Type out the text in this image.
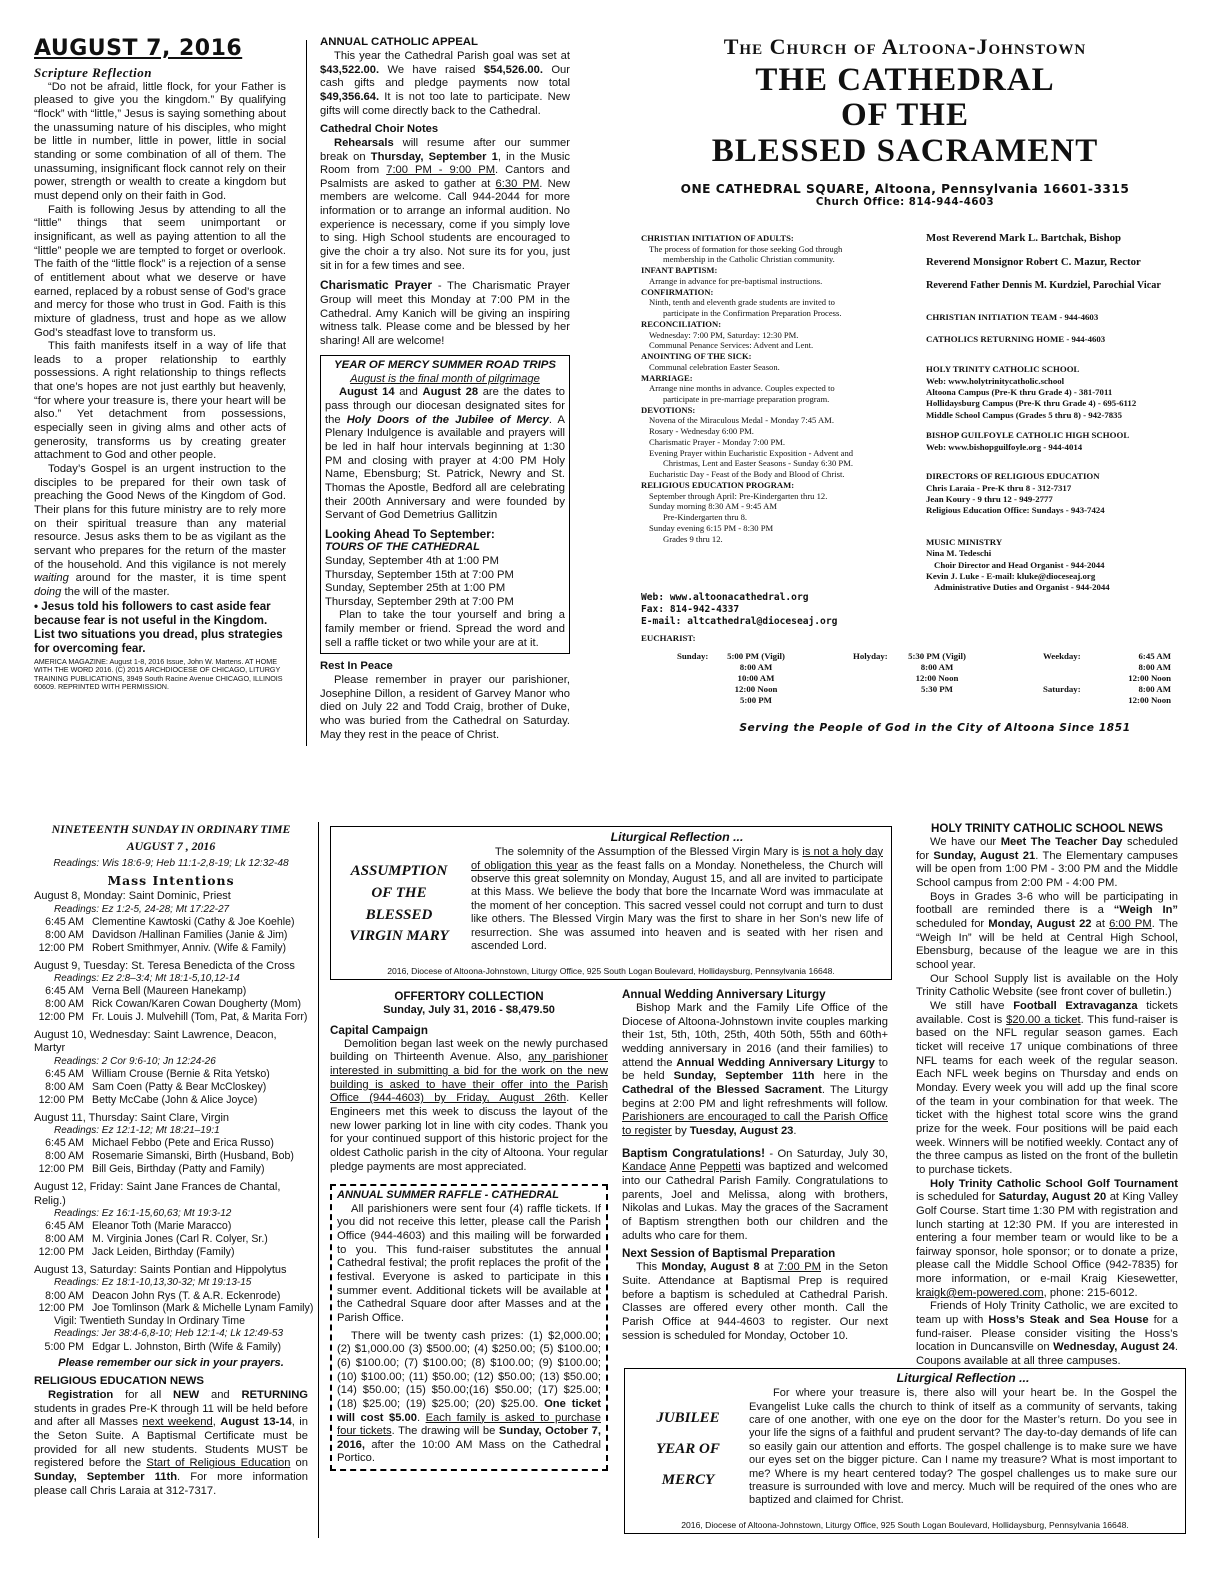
AUGUST 7, 2016
Scripture Reflection

“Do not be afraid, little flock, for your Father is pleased to give you the kingdom.” By qualifying “flock” with “little,” Jesus is saying something about the unassuming nature of his disciples, who might be little in number, little in power, little in social standing or some combination of all of them. The unassuming, insignificant flock cannot rely on their power, strength or wealth to create a kingdom but must depend only on their faith in God.

Faith is following Jesus by attending to all the “little” things that seem unimportant or insignificant, as well as paying attention to all the “little” people we are tempted to forget or overlook. The faith of the “little flock” is a rejection of a sense of entitlement about what we deserve or have earned, replaced by a robust sense of God’s grace and mercy for those who trust in God. Faith is this mixture of gladness, trust and hope as we allow God’s steadfast love to transform us.

This faith manifests itself in a way of life that leads to a proper relationship to earthly possessions. A right relationship to things reflects that one’s hopes are not just earthly but heavenly, “for where your treasure is, there your heart will be also.” Yet detachment from possessions, especially seen in giving alms and other acts of generosity, transforms us by creating greater attachment to God and other people.

Today’s Gospel is an urgent instruction to the disciples to be prepared for their own task of preaching the Good News of the Kingdom of God. Their plans for this future ministry are to rely more on their spiritual treasure than any material resource. Jesus asks them to be as vigilant as the servant who prepares for the return of the master of the household. And this vigilance is not merely waiting around for the master, it is time spent doing the will of the master.

• Jesus told his followers to cast aside fear because fear is not useful in the Kingdom. List two situations you dread, plus strategies for overcoming fear.

AMERICA MAGAZINE: August 1-8, 2016 Issue, John W. Martens. AT HOME WITH THE WORD 2016. (C) 2015 ARCHDIOCESE OF CHICAGO, LITURGY TRAINING PUBLICATIONS, 3949 South Racine Avenue CHICAGO, ILLINOIS 60609. REPRINTED WITH PERMISSION.

ANNUAL CATHOLIC APPEAL

This year the Cathedral Parish goal was set at $43,522.00. We have raised $54,526.00. Our cash gifts and pledge payments now total $49,356.64. It is not too late to participate. New gifts will come directly back to the Cathedral.

Cathedral Choir Notes

Rehearsals will resume after our summer break on Thursday, September 1, in the Music Room from 7:00 PM - 9:00 PM. Cantors and Psalmists are asked to gather at 6:30 PM. New members are welcome. Call 944-2044 for more information or to arrange an informal audition. No experience is necessary, come if you simply love to sing. High School students are encouraged to give the choir a try also. Not sure its for you, just sit in for a few times and see.

Charismatic Prayer - The Charismatic Prayer Group will meet this Monday at 7:00 PM in the Cathedral. Amy Kanich will be giving an inspiring witness talk. Please come and be blessed by her sharing! All are welcome!

YEAR OF MERCY SUMMER ROAD TRIPS
August is the final month of pilgrimage

August 14 and August 28 are the dates to pass through our diocesan designated sites for the Holy Doors of the Jubilee of Mercy. A Plenary Indulgence is available and prayers will be led in half hour intervals beginning at 1:30 PM and closing with prayer at 4:00 PM Holy Name, Ebensburg; St. Patrick, Newry and St. Thomas the Apostle, Bedford all are celebrating their 200th Anniversary and were founded by Servant of God Demetrius Gallitzin

Looking Ahead To September:
TOURS OF THE CATHEDRAL
Sunday, September 4th at 1:00 PM
Thursday, September 15th at 7:00 PM
Sunday, September 25th at 1:00 PM
Thursday, September 29th at 7:00 PM

Plan to take the tour yourself and bring a family member or friend. Spread the word and sell a raffle ticket or two while your are at it.

Rest In Peace

Please remember in prayer our parishioner, Josephine Dillon, a resident of Garvey Manor who died on July 22 and Todd Craig, brother of Duke, who was buried from the Cathedral on Saturday. May they rest in the peace of Christ.

The Church of Altoona-Johnstown
THE CATHEDRAL
OF THE
BLESSED SACRAMENT
ONE CATHEDRAL SQUARE, Altoona, Pennsylvania 16601-3315
Church Office: 814-944-4603
CHRISTIAN INITIATION OF ADULTS:
The process of formation for those seeking God through
membership in the Catholic Christian community.
INFANT BAPTISM:
Arrange in advance for pre-baptismal instructions.
CONFIRMATION:
Ninth, tenth and eleventh grade students are invited to
participate in the Confirmation Preparation Process.
RECONCILIATION:
Wednesday: 7:00 PM, Saturday: 12:30 PM.
Communal Penance Services: Advent and Lent.
ANOINTING OF THE SICK:
Communal celebration Easter Season.
MARRIAGE:
Arrange nine months in advance. Couples expected to
participate in pre-marriage preparation program.
DEVOTIONS:
Novena of the Miraculous Medal - Monday 7:45 AM.
Rosary - Wednesday 6:00 PM.
Charismatic Prayer - Monday 7:00 PM.
Evening Prayer within Eucharistic Exposition - Advent and
Christmas, Lent and Easter Seasons - Sunday 6:30 PM.
Eucharistic Day - Feast of the Body and Blood of Christ.
RELIGIOUS EDUCATION PROGRAM:
September through April: Pre-Kindergarten thru 12.
Sunday morning 8:30 AM - 9:45 AM
Pre-Kindergarten thru 8.
Sunday evening 6:15 PM - 8:30 PM
Grades 9 thru 12.
Web: www.altoonacathedral.org
Fax: 814-942-4337
E-mail: altcathedral@dioceseaj.org
Most Reverend Mark L. Bartchak, Bishop
Reverend Monsignor Robert C. Mazur, Rector
Reverend Father Dennis M. Kurdziel, Parochial Vicar
CHRISTIAN INITIATION TEAM - 944-4603
CATHOLICS RETURNING HOME - 944-4603
HOLY TRINITY CATHOLIC SCHOOL
Web: www.holytrinitycatholic.school
Altoona Campus (Pre-K thru Grade 4) - 381-7011
Hollidaysburg Campus (Pre-K thru Grade 4) - 695-6112
Middle School Campus (Grades 5 thru 8) - 942-7835
BISHOP GUILFOYLE CATHOLIC HIGH SCHOOL
Web: www.bishopguilfoyle.org - 944-4014
DIRECTORS OF RELIGIOUS EDUCATION
Chris Laraia - Pre-K thru 8 - 312-7317
Jean Koury - 9 thru 12 - 949-2777
Religious Education Office: Sundays - 943-7424
MUSIC MINISTRY
Nina M. Tedeschi
Choir Director and Head Organist - 944-2044
Kevin J. Luke - E-mail: kluke@dioceseaj.org
Administrative Duties and Organist - 944-2044
EUCHARIST:
Sunday:	5:00 PM (Vigil)
8:00 AM
10:00 AM
12:00 Noon
5:00 PM
Holyday:	5:30 PM (Vigil)
8:00 AM
12:00 Noon
5:30 PM
Weekday:	6:45 AM
8:00 AM
12:00 Noon
Saturday:	8:00 AM
12:00 Noon
Serving the People of God in the City of Altoona Since 1851
NINETEENTH SUNDAY IN ORDINARY TIME
AUGUST 7 , 2016
Readings: Wis 18:6-9; Heb 11:1-2,8-19; Lk 12:32-48
Mass Intentions
August 8, Monday: Saint Dominic, Priest
Readings: Ez 1:2-5, 24-28; Mt 17:22-27
6:45 AM Clementine Kawtoski (Cathy & Joe Koehle)
8:00 AM Davidson /Hallinan Families (Janie & Jim)
12:00 PM Robert Smithmyer, Anniv. (Wife & Family)
August 9, Tuesday: St. Teresa Benedicta of the Cross
Readings: Ez 2:8–3:4; Mt 18:1-5,10,12-14
6:45 AM Verna Bell (Maureen Hanekamp)
8:00 AM Rick Cowan/Karen Cowan Dougherty (Mom)
12:00 PM Fr. Louis J. Mulvehill (Tom, Pat, & Marita Forr)
August 10, Wednesday: Saint Lawrence, Deacon, Martyr
Readings: 2 Cor 9:6-10; Jn 12:24-26
6:45 AM William Crouse (Bernie & Rita Yetsko)
8:00 AM Sam Coen (Patty & Bear McCloskey)
12:00 PM Betty McCabe (John & Alice Joyce)
August 11, Thursday: Saint Clare, Virgin
Readings: Ez 12:1-12; Mt 18:21–19:1
6:45 AM Michael Febbo (Pete and Erica Russo)
8:00 AM Rosemarie Simanski, Birth (Husband, Bob)
12:00 PM Bill Geis, Birthday (Patty and Family)
August 12, Friday: Saint Jane Frances de Chantal, Relig.)
Readings: Ez 16:1-15,60,63; Mt 19:3-12
6:45 AM Eleanor Toth (Marie Maracco)
8:00 AM M. Virginia Jones (Carl R. Colyer, Sr.)
12:00 PM Jack Leiden, Birthday (Family)
August 13, Saturday: Saints Pontian and Hippolytus
Readings: Ez 18:1-10,13,30-32; Mt 19:13-15
8:00 AM Deacon John Rys (T. & A.R. Eckenrode)
12:00 PM Joe Tomlinson (Mark & Michelle Lynam Family)
Vigil: Twentieth Sunday In Ordinary Time
Readings: Jer 38:4-6,8-10; Heb 12:1-4; Lk 12:49-53
5:00 PM Edgar L. Johnston, Birth (Wife & Family)
Please remember our sick in your prayers.
RELIGIOUS EDUCATION NEWS

Registration for all NEW and RETURNING students in grades Pre-K through 11 will be held before and after all Masses next weekend, August 13-14, in the Seton Suite. A Baptismal Certificate must be provided for all new students. Students MUST be registered before the Start of Religious Education on Sunday, September 11th. For more information please call Chris Laraia at 312-7317.

ASSUMPTION
OF THE
BLESSED
VIRGIN MARY
Liturgical Reflection ...

The solemnity of the Assumption of the Blessed Virgin Mary is is not a holy day of obligation this year as the feast falls on a Monday. Nonetheless, the Church will observe this great solemnity on Monday, August 15, and all are invited to participate at this Mass. We believe the body that bore the Incarnate Word was immaculate at the moment of her conception. This sacred vessel could not corrupt and turn to dust like others. The Blessed Virgin Mary was the first to share in her Son’s new life of resurrection. She was assumed into heaven and is seated with her risen and ascended Lord.

2016, Diocese of Altoona-Johnstown, Liturgy Office, 925 South Logan Boulevard, Hollidaysburg, Pennsylvania 16648.
OFFERTORY COLLECTION
Sunday, July 31, 2016 - $8,479.50
Capital Campaign

Demolition began last week on the newly purchased building on Thirteenth Avenue. Also, any parishioner interested in submitting a bid for the work on the new building is asked to have their offer into the Parish Office (944-4603) by Friday, August 26th. Keller Engineers met this week to discuss the layout of the new lower parking lot in line with city codes. Thank you for your continued support of this historic project for the oldest Catholic parish in the city of Altoona. Your regular pledge payments are most appreciated.

ANNUAL SUMMER RAFFLE - CATHEDRAL

All parishioners were sent four (4) raffle tickets. If you did not receive this letter, please call the Parish Office (944-4603) and this mailing will be forwarded to you. This fund-raiser substitutes the annual Cathedral festival; the profit replaces the profit of the festival. Everyone is asked to participate in this summer event. Additional tickets will be available at the Cathedral Square door after Masses and at the Parish Office.

There will be twenty cash prizes: (1) $2,000.00; (2) $1,000.00 (3) $500.00; (4) $250.00; (5) $100.00; (6) $100.00; (7) $100.00; (8) $100.00; (9) $100.00; (10) $100.00; (11) $50.00; (12) $50.00; (13) $50.00; (14) $50.00; (15) $50.00;(16) $50.00; (17) $25.00; (18) $25.00; (19) $25.00; (20) $25.00. One ticket will cost $5.00. Each family is asked to purchase four tickets. The drawing will be Sunday, October 7, 2016, after the 10:00 AM Mass on the Cathedral Portico.

Annual Wedding Anniversary Liturgy

Bishop Mark and the Family Life Office of the Diocese of Altoona-Johnstown invite couples marking their 1st, 5th, 10th, 25th, 40th 50th, 55th and 60th+ wedding anniversary in 2016 (and their families) to attend the Annual Wedding Anniversary Liturgy to be held Sunday, September 11th here in the Cathedral of the Blessed Sacrament. The Liturgy begins at 2:00 PM and light refreshments will follow. Parishioners are encouraged to call the Parish Office to register by Tuesday, August 23.

Baptism Congratulations! - On Saturday, July 30, Kandace Anne Peppetti was baptized and welcomed into our Cathedral Parish Family. Congratulations to parents, Joel and Melissa, along with brothers, Nikolas and Lukas. May the graces of the Sacrament of Baptism strengthen both our children and the adults who care for them.

Next Session of Baptismal Preparation

This Monday, August 8 at 7:00 PM in the Seton Suite. Attendance at Baptismal Prep is required before a baptism is scheduled at Cathedral Parish. Classes are offered every other month. Call the Parish Office at 944-4603 to register. Our next session is scheduled for Monday, October 10.

HOLY TRINITY CATHOLIC SCHOOL NEWS

We have our Meet The Teacher Day scheduled for Sunday, August 21. The Elementary campuses will be open from 1:00 PM - 3:00 PM and the Middle School campus from 2:00 PM - 4:00 PM.

Boys in Grades 3-6 who will be participating in football are reminded there is a “Weigh In” scheduled for Monday, August 22 at 6:00 PM. The “Weigh In” will be held at Central High School, Ebensburg, because of the league we are in this school year.

Our School Supply list is available on the Holy Trinity Catholic Website (see front cover of bulletin.)

We still have Football Extravaganza tickets available. Cost is $20.00 a ticket. This fund-raiser is based on the NFL regular season games. Each ticket will receive 17 unique combinations of three NFL teams for each week of the regular season. Each NFL week begins on Thursday and ends on Monday. Every week you will add up the final score of the team in your combination for that week. The ticket with the highest total score wins the grand prize for the week. Four positions will be paid each week. Winners will be notified weekly. Contact any of the three campus as listed on the front of the bulletin to purchase tickets.

Holy Trinity Catholic School Golf Tournament is scheduled for Saturday, August 20 at King Valley Golf Course. Start time 1:30 PM with registration and lunch starting at 12:30 PM. If you are interested in entering a four member team or would like to be a fairway sponsor, hole sponsor; or to donate a prize, please call the Middle School Office (942-7835) for more information, or e-mail Kraig Kiesewetter, kraigk@em-powered.com, phone: 215-6012.

Friends of Holy Trinity Catholic, we are excited to team up with Hoss’s Steak and Sea House for a fund-raiser. Please consider visiting the Hoss’s location in Duncansville on Wednesday, August 24. Coupons available at all three campuses.

JUBILEE
YEAR OF
MERCY
Liturgical Reflection ...

For where your treasure is, there also will your heart be. In the Gospel the Evangelist Luke calls the church to think of itself as a community of servants, taking care of one another, with one eye on the door for the Master’s return. Do you see in your life the signs of a faithful and prudent servant? The day-to-day demands of life can so easily gain our attention and efforts. The gospel challenge is to make sure we have our eyes set on the bigger picture. Can I name my treasure? What is most important to me? Where is my heart centered today? The gospel challenges us to make sure our treasure is surrounded with love and mercy. Much will be required of the ones who are baptized and claimed for Christ.

2016, Diocese of Altoona-Johnstown, Liturgy Office, 925 South Logan Boulevard, Hollidaysburg, Pennsylvania 16648.
